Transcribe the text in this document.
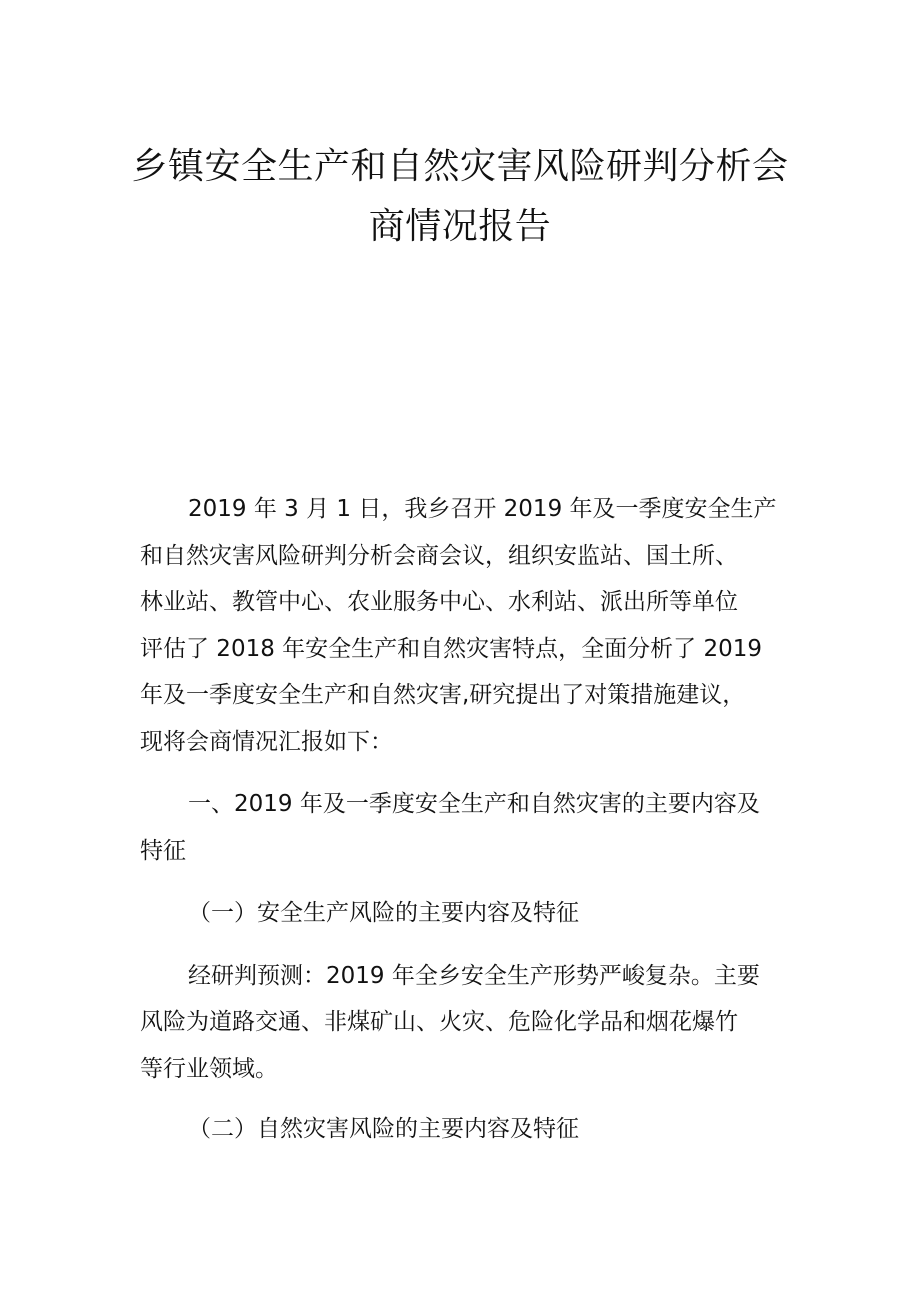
乡镇安全生产和自然灾害风险研判分析会
商情况报告
2019 年 3 月 1 日，我乡召开 2019 年及一季度安全生产
和自然灾害风险研判分析会商会议，组织安监站、国土所、
林业站、教管中心、农业服务中心、水利站、派出所等单位
评估了 2018 年安全生产和自然灾害特点，全面分析了 2019
年及一季度安全生产和自然灾害,研究提出了对策措施建议，
现将会商情况汇报如下：
一、2019 年及一季度安全生产和自然灾害的主要内容及
特征
（一）安全生产风险的主要内容及特征
经研判预测：2019 年全乡安全生产形势严峻复杂。主要
风险为道路交通、非煤矿山、火灾、危险化学品和烟花爆竹
等行业领域。
（二）自然灾害风险的主要内容及特征
